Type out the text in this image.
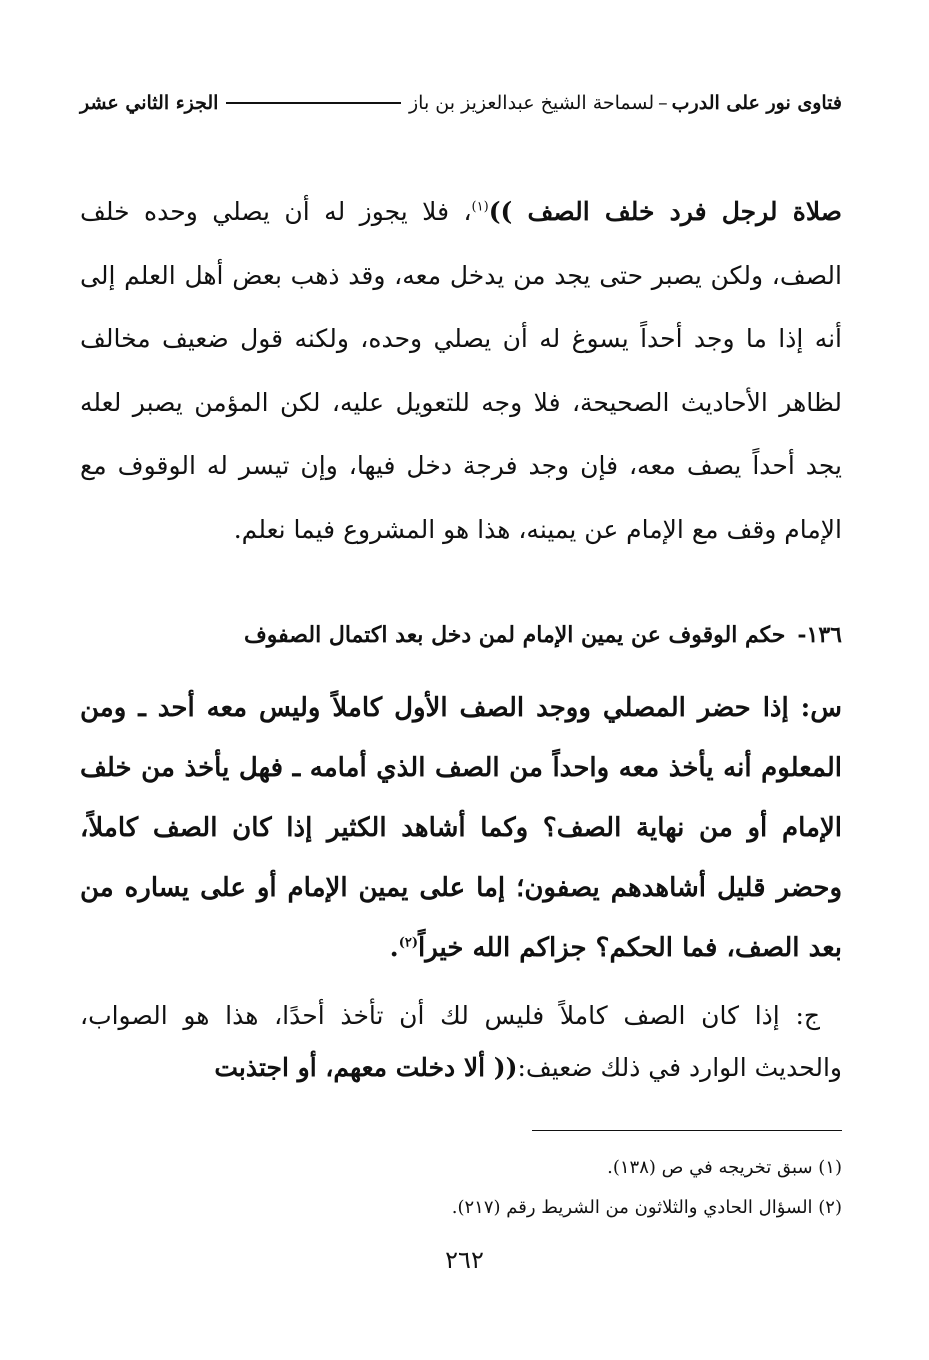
فتاوى نور على الدرب
–
لسماحة الشيخ عبدالعزيز بن باز
الجزء الثاني عشر

صلاة لرجل فرد خلف الصف ))$^{(١)}$، فلا يجوز له أن يصلي وحده خلف الصف، ولكن يصبر حتى يجد من يدخل معه، وقد ذهب بعض أهل العلم إلى أنه إذا ما وجد أحداً يسوغ له أن يصلي وحده، ولكنه قول ضعيف مخالف لظاهر الأحاديث الصحيحة، فلا وجه للتعويل عليه، لكن المؤمن يصبر لعله يجد أحداً يصف معه، فإن وجد فرجة دخل فيها، وإن تيسر له الوقوف مع الإمام وقف مع الإمام عن يمينه، هذا هو المشروع فيما نعلم.

١٣٦-
حكم الوقوف عن يمين الإمام لمن دخل بعد اكتمال الصفوف
س: إذا حضر المصلي ووجد الصف الأول كاملاً وليس معه أحد ـ ومن المعلوم أنه يأخذ معه واحداً من الصف الذي أمامه ـ فهل يأخذ من خلف الإمام أو من نهاية الصف؟ وكما أشاهد الكثير إذا كان الصف كاملاً، وحضر قليل أشاهدهم يصفون؛ إما على يمين الإمام أو على يساره من بعد الصف، فما الحكم؟ جزاكم الله خيراً$^{(٢)}$.
ج: إذا كان الصف كاملاً فليس لك أن تأخذ أحدًا، هذا هو الصواب، والحديث الوارد في ذلك ضعيف:(( ألا دخلت معهم، أو اجتذبت
(١) سبق تخريجه في ص (١٣٨).
(٢) السؤال الحادي والثلاثون من الشريط رقم (٢١٧).
٢٦٢
